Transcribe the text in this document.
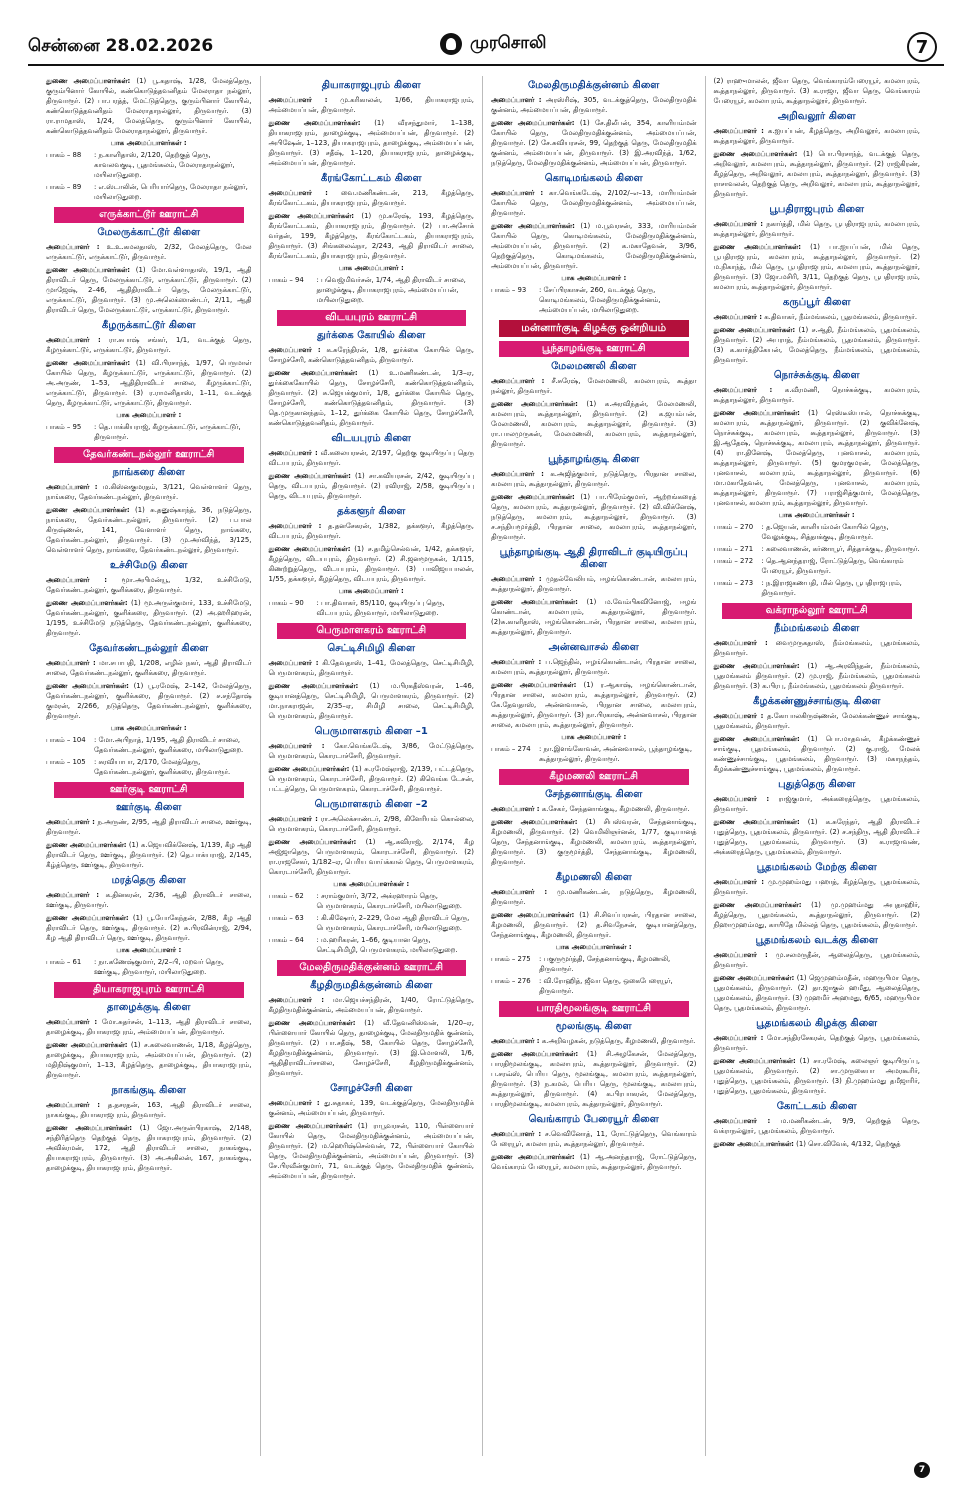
சென்னை 28.02.2026	முரசொலி	7
துணை அமைப்பாளர்கள்: (1) பூ.கதாஷ், 1/28, மேலத்தெரு, குரும்பினார் கோயில், கண்கொடுத்தவனிதம் மேலராதா நல்லூர், திருவாரூர். (2) பா.பரத்த், மேட்டுத்தெரு, குரும்பினார் கோயில், கண்கொடுத்தவனிதம் மேலராதாநல்லூர், திருவாரூர். (3) ரா.ராமதாஸ், 1/24, மேலத்தெரு, குரும்பினார் கோயில், கண்கொடுத்தவனிதம் மேலராதாநல்லூர், திருவாரூர்.
பாக அமைப்பாளர்கள் :
பாகம் – 88	: ந.காளிதாஸ், 2/120, தெற்குத் தெரு, காவலவகுடி, பூதமங்கலம், மேலராதாநல்லூர், மயிலாடுதுறை.
பாகம் – 89	: எ.ஸ்டாலின், பெரியார்தெரு, மேலராதா நல்லூர், மயிலாடுதுறை.
எருக்காட்டூர் ஊராட்சி
மேலருக்காட்டூர் கிளை
அமைப்பாளர் : உ.உ.கமலதாஸ், 2/32, மேலத்தெரு, மேல எருக்காட்டூர், எருக்காட்டூர், திருவாரூர்.
துணை அமைப்பாளர்கள்: (1) மோ.வள்ளாதாஸ், 19/1, ஆதி திராவிடர் தெரு, மேலருக்காட்டூர், எருக்காட்டூர், திருவாரூர். (2) முாஜேஷ், 2–46, ஆதிதிராவிடர் தெரு, மேலருக்காட்டூர், எருக்காட்டூர், திருவாரூர். (3) மு.அலெக்ஸாண்டர், 2/11, ஆதி திராவிடர் தெரு, மேலருக்காட்டூர், எருக்காட்டூர், திருவாரூர்.
கீழருக்காட்டூர் கிளை
அமைப்பாளர் : ரா.சுபாஷ் சங்கர், 1/1, வடக்குத் தெரு, கீழருக்காட்டூர், எருக்காட்டூர், திருவாரூர்.
துணை அமைப்பாளர்கள்: (1) வி.பிரசாந்த், 1/97, பெருமாள் கோயில் தெரு, கீழருக்காட்டூர், எருக்காட்டூர், திருவாரூர். (2) அ.அருண், 1–53, ஆதிதிராவிடர் சாலை, கீழருக்காட்டூர், எருக்காட்டூர், திருவாரூர். (3) ர.ராமனிதாஸ், 1–11, வடக்குத் தெரு, கீழருக்காட்டூர், எருக்காட்டூர், திருவாரூர்.
பாக அமைப்பாளர் :
பாகம் – 95	: தெ.பாக்கியராஜ், கீழருக்காட்டூர், எருக்காட்டூர், திருவாரூர்.
தேவர்கண்டநல்லூர் ஊராட்சி
நாங்கரை கிளை
அமைப்பாளர் : ம.கிஸ்னகுமரதம், 3/121, வெள்ளாளர் தெரு, நாங்கரை, தேவர்கண்டநல்லூர், திருவாரூர்.
துணை அமைப்பாளர்கள்: (1) சு.தனுஷ்காந்த், 36, நடுத்தெரு, நாங்கரை, தேவர்கண்டநல்லூர், திருவாரூர். (2) ப.பால கிருஷ்ணன், 141, வேளாளர் தெரு, நாங்கரை, தேவர்கண்டநல்லூர், திருவாரூர். (3) மு.அர்விந்த், 3/125, வெள்ளாளர் தெரு, நாங்கரை, தேவர்கண்டநல்லூர், திருவாரூர்.
உச்சிமேடு கிளை
அமைப்பாளர் : மூா.அபிமன்யூ, 1/32, உச்சிமேடு, தேவர்கண்டநல்லூர், குளிக்கரை, திருவாரூர்.
துணை அமைப்பாளர்கள்: (1) மூ.அருள்குமார், 133, உச்சிமேடு, தேவர்கண்டநல்லூர், குளிக்கரை, திருவாரூர். (2) அ.ஹரிஹரன், 1/195, உச்சிமேடு நடுத்தெரு, தேவர்கண்டநல்லூர், குளிக்கரை, திருவாரூர்.
தேவர்கண்டநல்லூர் கிளை
அமைப்பாளர் : மா.சபாபதி, 1/208, எழில் நகர், ஆதி திராவிடர் சாலை, தேவர்கண்டநல்லூர், குளிக்கரை, திருவாரூர்.
துணை அமைப்பாளர்கள்: (1) பூ.ரமேஷ், 2–142, மேலத்தெரு, தேவர்கண்டநல்லூர், குளிக்கரை, திருவாரூர். (2) ச.சந்தோஷ் குமரன், 2/266, நடுத்தெரு, தேவர்கண்டநல்லூர், குளிக்கரை, திருவாரூர்.
பாக அமைப்பாளர்கள் :
பாகம் – 104	: மோ.அபிநாத், 1/195, ஆதி திராவிடர் சாலை, தேவர்கண்டநல்லூர், குளிக்கரை, மயிலாடுதுறை.
பாகம் – 105	: சுரவியாபா, 2/170, மேலத்தெரு, தேவர்கண்டநல்லூர், குளிக்கரை, திருவாரூர்.
ஊர்குடி ஊராட்சி
ஊர்குடி கிளை
அமைப்பாளர் : ந.அருண், 2/95, ஆதி திராவிடர் சாலை, ஊர்குடி, திருவாரூர்.
துணை அமைப்பாளர்கள்: (1) க.ஜெயவிக்னேஷ், 1/139, கீழ ஆதி திராவிடர் தெரு, ஊர்குடி, திருவாரூர். (2) தெ.பாக்யராஜ், 2/145, கீழ்த்தெரு, ஊர்குடி, திருவாரூர்.
மரத்தெரு கிளை
அமைப்பாளர் : க.தினகரன், 2/36, ஆதி திராவிடர் சாலை, ஊர்குடி, திருவாரூர்.
துணை அமைப்பாளர்கள்: (1) பூ.யோகேந்தன், 2/88, கீழ ஆதி திராவிடர் தெரு, ஊர்குடி, திருவாரூர். (2) சு.பிரவின்ராஜ், 2/94, கீழ ஆதி திராவிடர் தெரு, ஊர்குடி, திருவாரூர்.
பாக அமைப்பாளர் :
பாகம் – 61	: நா.கணேஷ்குமார், 2/2–பி, மறவர் தெரு, ஊர்குடி, திருவாரூர், மயிலாடுதுறை.
தியாகராஜபுரம் ஊராட்சி
தாழைக்குடி கிளை
அமைப்பாளர் : மோ.சுதர்சன், 1–113, ஆதி திராவிடர் சாலை, தாழைக்குடி, தியாகராஜபுரம், அம்மையப்பன், திருவாரூர்.
துணை அமைப்பாளர்கள்: (1) ச.கலைவாணன், 1/18, கீழத்தெரு, தாழைக்குடி, தியாகராஜபுரம், அம்மையப்பன், திருவாரூர். (2) மதிநிஷ்குமார், 1–13, கீழத்தெரு, தாழைக்குடி, தியாகராஜபுரம், திருவாரூர்.
நாகங்குடி கிளை
அமைப்பாளர் : த.தசரதன், 163, ஆதி திராவிடர் சாலை, நாகங்குடி, தியாகராஜபுரம், திருவாரூர்.
துணை அமைப்பாளர்கள்: (1) ஜோ.அருள்பிரகாஷ், 2/148, சந்திரித்தெரு தெற்குத் தெரு, தியாகராஜபுரம், திருவாரூர். (2) அவிக்ரமன், 172, ஆதி திராவிடர் சாலை, நாகங்குடி, தியாகராஜபுரம், திருவாரூர். (3) அ.அகிலன், 167, நாகங்குடி, தாழைக்குடி, தியாகராஜபுரம், திருவாரூர்.
தியாகராஜபுரம் கிளை
அமைப்பாளர் : மு.கரிகாலன், 1/66, தியாகராஜபுரம், அம்மையப்பன், திருவாரூர்.
துணை அமைப்பாளர்கள்: (1) வீரசந்துமார், 1–138, தியாகராஜபுரம், தாழைக்குடி, அம்மையப்பன், திருவாரூர். (2) அபிஷேன், 1–123, தியாகராஜபுரம், தாழைக்குடி, அம்மையப்பன், திருவாரூர். (3) சதீஷ், 1–120, தியாகராஜபுரம், தாழைக்குடி, அம்மையப்பன், திருவாரூர்.
கீரங்கோட்டகம் கிளை
அமைப்பாளர் : வை.மணிகண்டன், 213, கீழத்தெரு, கீரங்கோட்டகம், தியாகராஜபுரம், திருவாரூர்.
துணை அமைப்பாளர்கள்: (1) மு.சுரேஷ், 193, கீழத்தெரு, கீரங்கோட்டகம், தியாகராஜபுரம், திருவாரூர். (2) பா.அசோக் வர்தன், 199, கீழத்தெரு, கீரங்கோட்டகம், தியாகராஜபுரம், திருவாரூர். (3) சிங்கலைவ்நா, 2/243, ஆதி திராவிடர் சாலை, கீரங்கோட்டகம், தியாகராஜபுரம், திருவாரூர்.
பாக அமைப்பாளர் :
பாகம் – 94	: பவெஜ்மிவர்சன், 1/74, ஆதி திராவிடர் சாலை, தாழைக்குடி, தியாகராஜபுரம், அம்மையப்பன், மயிலாடுதுறை.
விடயபுரம் ஊராட்சி
துர்க்கை கோயில் கிளை
அமைப்பாளர் : க.சுரேந்திரன், 1/8, துர்க்கை கோயில் தெரு, சோழச்சேரி, கண்கொடுத்தவனிதம், திருவாரூர்.
துணை அமைப்பாளர்கள்: (1) உ.மணிகண்டன், 1/3–ஏ, துர்க்கைகோயில் தெரு, சோழச்சேரி, கண்கொடுத்தவனிதம், திருவாரூர். (2) சு.ஜெயக்குமார், 1/8, துர்க்கை கோயில் தெரு, சோழச்சேரி, கண்கொடுத்தவனிதம், திருவாரூர். (3) தெ.முருகானந்தம், 1–12, துர்க்கை கோயில் தெரு, சோழச்சேரி, கண்கொடுத்தவனிதம், திருவாரூர்.
விடயபுரம் கிளை
அமைப்பாளர் : வீ.கலையரசன், 2/197, தெற்கு குடியிருப்பு தெரு விடயபுரம், திருவாரூர்.
துணை அமைப்பாளர்கள்: (1) சா.கவியரசன், 2/42, குடியிருப்பு தெரு, விடயபுரம், திருவாரூர். (2) ரவிராஜ், 2/58, குடியிருப்பு தெரு, விடயபுரம், திருவாரூர்.
தக்களூர் கிளை
அமைப்பாளர் : த.தனசேகரன், 1/382, தக்களூர், கீழத்தெரு, விடயபுரம், திருவாரூர்.
துணை அமைப்பாளர்கள்: (1) ச.தமிழ்செல்வன், 1/42, தக்களூர், கீழத்தெரு, விடயபுரம், திருவாரூர். (2) சி.ஜனமூருகன், 1/115, கிணற்றுத்தெரு, விடயபுரம், திருவாரூர். (3) பாவிஜயபாலன், 1/55, தக்களூர், கீழத்தெரு, விடயபுரம், திருவாரூர்.
பாக அமைப்பாளர் :
பாகம் – 90	: பா.திவாகர், 85/110, குடியிருப்பு தெரு, விடயபுரம், திருவாரூர், மயிலாடுதுறை.
பெருமாளகரம் ஊராட்சி
செட்டிசிமிழி கிளை
அமைப்பாளர் : கி.தேவதாஸ், 1–41, மேலத்தெரு, செட்டிசிமிழி, பெருமாளகரம், திருவாரூர்.
துணை அமைப்பாளர்கள்: (1) ம.பிரகதீஸ்வரன், 1–46, குடியானத்தெரு, செட்டிசிமிழி, பெருமாளகரம், திருவாரூர். (2) மா.நாகராஜன், 2/35–ஏ, சிமிழி சாலை, செட்டிசிமிழி, பெருமாளகரம், திருவாரூர்.
பெருமாளகரம் கிளை –1
அமைப்பாளர் : கோ.வெங்கடேஷ், 3/86, மேட்டுத்தெரு, பெருமாளகரம், கொரடாச்சேரி, திருவாரூர்.
துணை அமைப்பாளர்கள்: (1) சு.ரமேஷ்ராஜ், 2/139, பட்டத்தெரு, பெருமாளகரம், கொரடாச்சேரி, திருவாரூர். (2) கிவெங்க டேசன், பட்டத்தெரு, பெருமாளகரம், கொரடாச்சேரி, திருவாரூர்.
பெருமாளகரம் கிளை –2
அமைப்பாளர் : ரா.அலெக்சாண்டர், 2/98, கிளேரியம் கொல்லை, பெருமாளகரம், கொரடாச்சேரி, திருவாரூர்.
துணை அமைப்பாளர்கள்: (1) ஆ.கவிராஜ், 2/174, கீழ அஜ்ஜாதெரு, பெருமாளகரம், கொரடாச்சேரி, திருவாரூர். (2) ரா.ராஜசேகர், 1/182–ஏ, பெரிய வாய்க்கால் தெரு, பெருமாளகரம், கொரடாச்சேரி, திருவாரூர்.
பாக அமைப்பாளர்கள் :
பாகம் – 62	: சராம்குமார், 3/72, அக்ரஹாரம் தெரு, பெருமாளகரம், கொரடாச்சேரி, மயிலாடுதுறை.
பாகம் – 63	: கி.கிஷோர், 2–229, மேல ஆதி திராவிடர் தெரு, பெருமாளகரம், கொரடாச்சேரி, மயிலாடுதுறை.
பாகம் – 64	: ம.ஹரிகரன், 1–66, குடியான தெரு, செட்டிசிமிழி, பெருமாளகரம், மயிலாடுதுறை.
மேலதிருமதிக்குன்னம் ஊராட்சி
கீழதிருமதிக்குன்னம் கிளை
அமைப்பாளர் : மா.ஜெயச்சந்திரன், 1/40, ரோட்டுத்தெரு, கீழதிருமதிக்குன்னம், அம்மையப்பன், திருவாரூர்.
துணை அமைப்பாளர்கள்: (1) வீ.தேவனிஸ்வன், 1/20–ஏ, பிள்ளையார் கோயில் தெரு, தாழைக்குடி, மேலதிருமதிக் குன்னம், திருவாரூர். (2) பா.சதீஷ், 58, கோயில் தெரு, சோழச்சேரி, கீழதிருமதிக்குன்னம், திருவாரூர். (3) இ.மொளலி, 1/6, ஆதிதிராவிடர்சாலை, சோழச்சேரி, கீழதிருமதிக்குன்னம், திருவாரூர்.
சோழச்சேரி கிளை
அமைப்பாளர் : து.சுதாகர், 139, வடக்குத்தெரு, மேலதிருமதிக் குன்னம், அம்மையப்பன், திருவாரூர்.
துணை அமைப்பாளர்கள்: (1) ராபூவரசன், 110, பிள்ளையார் கோயில் தெரு, மேலதிருமதிக்குன்னம், அம்மையப்பன், திருவாரூர். (2) ம.ஹெரிஷ்செல்வன், 72, பிள்ளையார் கோயில் தெரு, மேலதிருமதிக்குன்னம், அம்மையப்பன், திருவாரூர். (3) சே.பிரவீன்குமார், 71, வடக்குத் தெரு, மேலதிருமதிக் குன்னம், அம்மையப்பன், திருவாரூர்.
மேலதிருமதிக்குன்னம் கிளை
அமைப்பாளர் : அரஸ்ரிஷ், 305, வடக்குத்தெரு, மேலதிருமதிக் குன்னம், அம்மையப்பன், திருவாரூர்.
துணை அமைப்பாளர்கள்: (1) சே.திலீபன், 354, காளியம்மன் கோயில் தெரு, மேலதிருமதிக்குன்னம், அம்மையப்பன், திருவாரூர். (2) சே.சுவியரசன், 99, தெற்குத் தெரு, மேலதிருமதிக் குன்னம், அம்மையப்பன், திருவாரூர். (3) இ.அரவிந்த், 1/62, நடுத்தெரு, மேலதிருமதிக்குன்னம், அம்மையப்பன், திருவாரூர்.
கொடிமங்கலம் கிளை
அமைப்பாளர் : கா.வெங்கடேஷ், 2/102/–எ–13, மாரியம்மன் கோயில் தெரு, மேலதிருமதிக்குன்னம், அம்மையப்பன், திருவாரூர்.
துணை அமைப்பாளர்கள்: (1) ம.பூவரசன், 333, மாரியம்மன் கோயில் தெரு, கொடிமங்கலம், மேலதிருமதிக்குன்னம், அம்மையப்பன், திருவாரூர். (2) க.மகாதேவன், 3/96, தெற்குத்தெரு, கொடிமங்கலம், மேலதிருமதிக்குன்னம், அம்மையப்பன், திருவாரூர்.
பாக அமைப்பாளர் :
பாகம் – 93	: சேப்பிரகாசன், 260, வடக்குத் தெரு, கொடிமங்கலம், மேலதிருமதிக்குன்னம், அம்மையப்பன், மயிலாடுதுறை.
மன்னார்குடி கிழக்கு ஒன்றியம்
பூந்தாழங்குடி ஊராட்சி
மேலமணலி கிளை
அமைப்பாளர் : சீ.சுரேஷ், மேலமணலி, கமலாபுரம், கூத்தா நல்லூர், திருவாரூர்.
துணை அமைப்பாளர்கள்: (1) க.அரவிந்தன், மேலமணலி, கமலாபுரம், கூத்தாநல்லூர், திருவாரூர். (2) க.ஜயம்பன், மேலமணலி, கமலாபுரம், கூத்தாநல்லூர், திருவாரூர். (3) ரா.பாலமுருகன், மேலமணலி, கமலாபுரம், கூத்தாநல்லூர், திருவாரூர்.
பூந்தாழங்குடி கிளை
அமைப்பாளர் : க.அஜித்குமார், நடுத்தெரு, பிரதான சாலை, கமலாபுரம், கூத்தாநல்லூர், திருவாரூர்.
துணை அமைப்பாளர்கள்: (1) பா.பிரேம்குமார், ஆற்றங்கரைத் தெரு, கமலாபுரம், கூத்தாநல்லூர், திருவாரூர். (2) வி.விக்னேஷ், நடுத்தெரு, கமலாபுரம், கூத்தாநல்லூர், திருவாரூர். (3) ச.சந்தியமூர்த்தி, பிரதான சாலை, கமலாபுரம், கூத்தாநல்லூர், திருவாரூர்.
பூந்தாழங்குடி ஆதி திராவிடர் குடியிருப்பு கிளை
அமைப்பாளர் : முதல்வேலியம், ஈழங்கொண்டான், கமலாபுரம், கூத்தாநல்லூர், திருவாரூர்.
துணை அமைப்பாளர்கள்: (1) ம.வேம்பிகவினோஜ், ஈழங் கொண்டான், கமலாபுரம், கூத்தாநல்லூர், திருவாரூர். (2)சு.காளிதாஸ், ஈழங்கொண்டான், பிரதான சாலை, கமலாபுரம், கூத்தாநல்லூர், திருவாரூர்.
அன்னவாசல் கிளை
அமைப்பாளர் : ப.ஜெந்தில், ஈழங்கொண்டான், பிரதான சாலை, கமலாபுரம், கூத்தாநல்லூர், திருவாரூர்.
துணை அமைப்பாளர்கள்: (1) ர.ஆகாஷ், ஈழங்கொண்டான், பிரதான சாலை, கமலாபுரம், கூத்தாநல்லூர், திருவாரூர். (2) கே.தேவதாஸ், அன்னவாசல், பிரதான சாலை, கமலாபுரம், கூத்தாநல்லூர், திருவாரூர். (3) நா.பிரகாஷ், அன்னவாசல், பிரதான சாலை, கமலாபுரம், கூத்தாநல்லூர், திருவாரூர்.
பாக அமைப்பாளர் :
பாகம் – 274	: நா.இளங்கோவன், அன்னவாசல், பூந்தாழங்குடி, கூத்தாநல்லூர், திருவாரூர்.
கீழமணலி ஊராட்சி
சேந்தனாங்குடி கிளை
அமைப்பாளர் : க.சேகர், சேந்தனாங்குடி, கீழமணலி, திருவாரூர்.
துணை அமைப்பாளர்கள்: (1) சிபஸ்வரன், சேந்தனாங்குடி, கீழமணலி, திருவாரூர். (2) வெமிலிஞர்னன், 1/77, குடியானத் தெரு, சேந்தனாங்குடி, கீழமணலி, கமலாபுரம், கூத்தாநல்லூர், திருவாரூர். (3) குருமூர்த்தி, சேந்தனாங்குடி, கீழமணலி, திருவாரூர்.
கீழமணலி கிளை
அமைப்பாளர் : மு.மணிகண்டன், நடுத்தெரு, கீழமணலி, திருவாரூர்.
துணை அமைப்பாளர்கள்: (1) சி.சிவப்பரசன், பிரதான சாலை, கீழமணலி, திருவாரூர். (2) த.சிவநேசன், குடியானத்தெரு, சேந்தனாங்குடி, கீழமணலி, திருவாரூர்.
பாக அமைப்பாளர்கள் :
பாகம் – 275	: பகுருமூர்த்தி, சேந்தனாங்குடி, கீழமணலி, திருவாரூர்.
பாகம் – 276	: வி.ரோஹித், ஜீவா தெரு, ஒகைபேரையூர், திருவாரூர்.
பாரதிமூலங்குடி ஊராட்சி
மூலங்குடி கிளை
அமைப்பாளர் : க.அறிவழகன், நடுத்தெரு, கீழமணலி, திருவாரூர்.
துணை அமைப்பாளர்கள்: (1) சி.அழகேசன், மேலத்தெரு, பாரதிமூலங்குடி, கமலாபுரம், கூத்தாநல்லூர், திருவாரூர். (2) ப.சரவ்ஸ், பெரிய தெரு, மூலங்குடி, கமலாபுரம், கூத்தாநல்லூர், திருவாரூர். (3) ந.கமல், பெரிய தெரு, மூலங்குடி, கமலாபுரம், கூத்தாநல்லூர், திருவாரூர். (4) க.பிரபாகரன், மேலத்தெரு, பாரதிமூலங்குடி, கமலாபுரம், கூத்தாநல்லூர், திருவாரூர்.
வெங்காரம் பேரையூர் கிளை
அமைப்பாளர் : ச.வெவினோத், 11, ரோட்டுத்தெரு, வெங்காரம் பேரையூர், கமலாபுரம், கூத்தாநல்லூர், திருவாரூர்.
துணை அமைப்பாளர்கள்: (1) ஆ.அனந்தராஜ், ரோட்டுத்தெரு, வெங்காரம் பேரையூர், கமலாபுரம், கூத்தாநல்லூர், திருவாரூர்.
(2) ராஹுமாலன், ஜீவா தெரு, வெங்காரம்பேரையூர், கமலாபுரம், கூத்தாநல்லூர், திருவாரூர். (3) க.ராஜா, ஜீவா தெரு, வெங்காரம் பேரையூர், கமலாபுரம், கூத்தாநல்லூர், திருவாரூர்.
அறிவலூர் கிளை
அமைப்பாளர் : க.ஐயப்பன், கீழத்தெரு, அறிவலூர், கமலாபுரம், கூத்தாநல்லூர், திருவாரூர்.
துணை அமைப்பாளர்கள்: (1) பொ.பிரசாந்த், வடக்குத் தெரு, அறிவலூர், கமலாபுரம், கூத்தாநல்லூர், திருவாரூர். (2) ராஜ்கிரண், கீழத்தெரு, அறிவலூர், கமலாபுரம், கூத்தாநல்லூர், திருவாரூர். (3) ராசாவலன், தெற்குத் தெரு, அறிவலூர், கமலாபுரம், கூத்தாநல்லூர், திருவாரூர்.
பூபதிராஜபுரம் கிளை
அமைப்பாளர் : நகார்த்தி, மில் தெரு, பூபதிராஜபுரம், கமலாபுரம், கூத்தாநல்லூர், திருவாரூர்.
துணை அமைப்பாளர்கள்: (1) பா.ஐயப்பன், மில் தெரு, பூபதிராஜபுரம், கமலாபுரம், கூத்தாநல்லூர், திருவாரூர். (2) ம.நிகாந்த், மில் தெரு, பூபதிராஜபுரம், கமலாபுரம், கூத்தாநல்லூர், திருவாரூர். (3) ஜோ.மசிரி, 3/11, தெற்குத் தெரு, பூபதிராஜபுரம், கமலாபுரம், கூத்தாநல்லூர், திருவாரூர்.
கருப்பூர் கிளை
அமைப்பாளர் : க.திவாகர், நீம்மங்கலம், பூதமங்கலம், திருவாரூர்.
துணை அமைப்பாளர்கள்: (1) ச.ஆதி, நீம்மங்கலம், பூதமங்கலம், திருவாரூர். (2) அபராத், நீம்மங்கலம், பூதமங்கலம், திருவாரூர். (3) க.கார்த்திகேயன், மேலத்தெரு, நீம்மங்கலம், பூதமங்கலம், திருவாரூர்.
நொச்சுக்குடி கிளை
அமைப்பாளர் : க.வீரமணி, நொச்சுக்குடி, கமலாபுரம், கூத்தாநல்லூர், திருவாரூர்.
துணை அமைப்பாளர்கள்: (1) ரெஸ்டீஸ்பால், நொச்சுக்குடி, கமலாபுரம், கூத்தாநல்லூர், திருவாரூர். (2) குவிக்னேஷ், நொச்சுக்குடி, கமலாபுரம், கூத்தாநல்லூர், திருவாரூர். (3) இ.ஆதேஷ், நொச்சுக்குடி, கமலாபுரம், கூத்தாநல்லூர், திருவாரூர். (4) ரா.தினேஷ், மேலத்தெரு, புனவாசல், கமலாபுரம், கூத்தாநல்லூர், திருவாரூர். (5) குமரகுமரன், மேலத்தெரு, புனவாசல், கமலாபுரம், கூத்தாநல்லூர், திருவாரூர். (6) மா.மகாதேவன், மேலத்தெரு, புனவாசல், கமலாபுரம், கூத்தாநல்லூர், திருவாரூர். (7) பராஜ்சித்குமார், மேலத்தெரு, புனவாசல், கமலாபுரம், கூத்தாநல்லூர், திருவாரூர்.
பாக அமைப்பாளர்கள் :
பாகம் – 270	: த.ஜெயன், காளியம்மன் கோயில் தெரு, வேலுக்குடி, சித்தாக்குடி, திருவாரூர்.
பாகம் – 271	: கலைவாணன், கர்ணாபூர், சித்தாக்குடி, திருவாரூர்.
பாகம் – 272	: தெ.ஆனந்தராஜ், ரோட்டுத்தெரு, வெங்காரம் பேரையூர், திருவாரூர்.
பாகம் – 273	: ந.இராஜகணபதி, மில் தெரு, பூபதிராஜபுரம், திருவாரூர்.
வக்ராநல்லூர் ஊராட்சி
நீம்மங்கலம் கிளை
அமைப்பாளர் : வைமுருகதாஸ், நீம்மங்கலம், பூதமங்கலம், திருவாரூர்.
துணை அமைப்பாளர்கள்: (1) ஆ.அரவிந்தன், நீம்மங்கலம், பூதமங்கலம் திருவாரூர். (2) மு.ராஜ், நீம்மங்கலம், பூதமங்கலம் திருவாரூர். (3) க.பிரபு, நீம்மங்கலம், பூதமங்கலம் திருவாரூர்.
கீழக்கண்ணுச்சாங்குடி கிளை
அமைப்பாளர் : த.கோபாலகிருஷ்ணன், மேலக்கண்ணுச் சாங்குடி, பூதமங்கலம், திருவாரூர்.
துணை அமைப்பாளர்கள்: (1) பொ.மாதவன், கீழக்கண்ணுச் சாங்குடி, பூதமங்கலம், திருவாரூர். (2) கு.ராஜ், மேலக் கண்ணுச்சாங்குடி, பூதமங்கலம், திருவாரூர். (3) மகாநந்தம், கீழக்கண்ணுச்சாங்குடி, பூதமங்கலம், திருவாரூர்.
புதுத்தெரு கிளை
அமைப்பாளர் : ராஜ்குமார், அக்கரைத்தெரு, பூதமங்கலம், திருவாரூர்.
துணை அமைப்பாளர்கள்: (1) க.சுரேந்தர், ஆதி திராவிடர் புதுத்தெரு, பூதமங்கலம், திருவாரூர். (2) ச.சந்திரு, ஆதி திராவிடர் புதுத்தெரு, பூதமங்கலம், திருவாரூர். (3) க.ராஜாவண், அக்கரைத்தெரு, பூதமங்கலம், திருவாரூர்.
பூதமங்கலம் மேற்கு கிளை
அமைப்பாளர் : மு.முஹம்மது பஹாத், கீழத்தெரு, பூதமங்கலம், திருவாரூர்.
துணை அமைப்பாளர்கள்: (1) மு.முஹம்மது அபுதாஹிர், கீழத்தெரு, பூதமங்கலம், கூத்தாநல்லூர், திருவாரூர். (2) நிஹாமுஹம்மது, காயிதே மில்லத் தெரு, பூதமங்கலம், திருவாரூர்.
பூதமங்கலம் வடக்கு கிளை
அமைப்பாளர் : மு.சலமருதீன், ஆலைத்தெரு, பூதமங்கலம், திருவாரூர்.
துணை அமைப்பாளர்கள்: (1) ஜெமுஹம்மதீன், மஹருபிமா தெரு, பூதமங்கலம், திருவாரூர். (2) தா.ஜாகுல் ஹமீது, ஆலைத்தெரு, பூதமங்கலம், திருவாரூர். (3) முஹமீர் அஹமது, 6/65, மஹருபிமா தெரு, பூதமங்கலம், திருவாரூர்.
பூதமங்கலம் கிழக்கு கிளை
அமைப்பாளர் : மோ.சந்திரசேகரன், தெற்குத் தெரு, பூதமங்கலம், திருவாரூர்.
துணை அமைப்பாளர்கள்: (1) சா.ரமேஷ், கலைஞர் குடியிருப்பு, பூதமங்கலம், திருவாரூர். (2) சா.முருகையா அமரகூரிர், புதுத்தெரு, பூதமங்கலம், திருவாரூர். (3) நி.முஹம்மது தமீஜாரிர், புதுத்தெரு, பூதமங்கலம், திருவாரூர்.
கோட்டகம் கிளை
அமைப்பாளர் : ம.மணிகண்டன், 9/9, தெற்குத் தெரு, வக்ராநல்லூர், பூதமங்கலம், திருவாரூர்.
துணை அமைப்பாளர்கள்: (1) சொ.விவேக், 4/132, தெற்குத்
7
